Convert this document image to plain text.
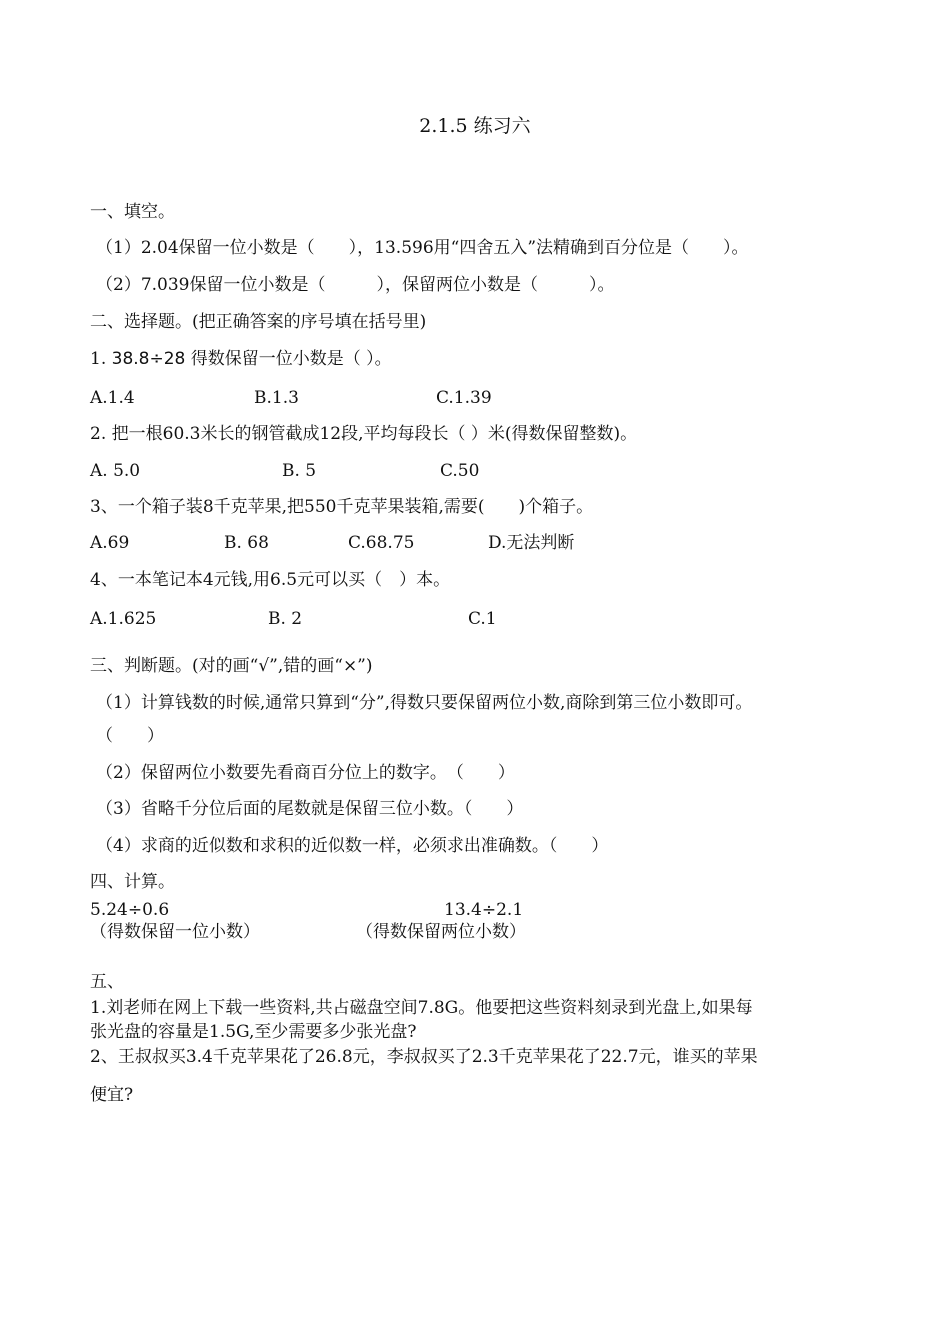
2.1.5 练习六
一、填空。
（1）2.04保留一位小数是（　　），13.596用“四舍五入”法精确到百分位是（　　）。
（2）7.039保留一位小数是（　　　），保留两位小数是（　　　）。
二、选择题。(把正确答案的序号填在括号里)
1. 38.8÷28 得数保留一位小数是（ ）。
A.1.4	B.1.3	C.1.39
2. 把一根60.3米长的钢管截成12段,平均每段长（ ）米(得数保留整数)。
A. 5.0	B. 5	C.50
3、一个箱子装8千克苹果,把550千克苹果装箱,需要(　　)个箱子。
A.69	B. 68	C.68.75	D.无法判断
4、一本笔记本4元钱,用6.5元可以买（　）本。
A.1.625	B. 2	C.1
三、判断题。(对的画“√”,错的画“×”)
（1）计算钱数的时候,通常只算到“分”,得数只要保留两位小数,商除到第三位小数即可。
（　　）
（2）保留两位小数要先看商百分位上的数字。　（　　）
（3）省略千分位后面的尾数就是保留三位小数。（　　）
（4）求商的近似数和求积的近似数一样，必须求出准确数。（　　）
四、计算。
5.24÷0.6	13.4÷2.1
（得数保留一位小数）	（得数保留两位小数）
五、
1.刘老师在网上下载一些资料,共占磁盘空间7.8G。他要把这些资料刻录到光盘上,如果每
张光盘的容量是1.5G,至少需要多少张光盘?
2、王叔叔买3.4千克苹果花了26.8元，李叔叔买了2.3千克苹果花了22.7元，谁买的苹果
便宜?
